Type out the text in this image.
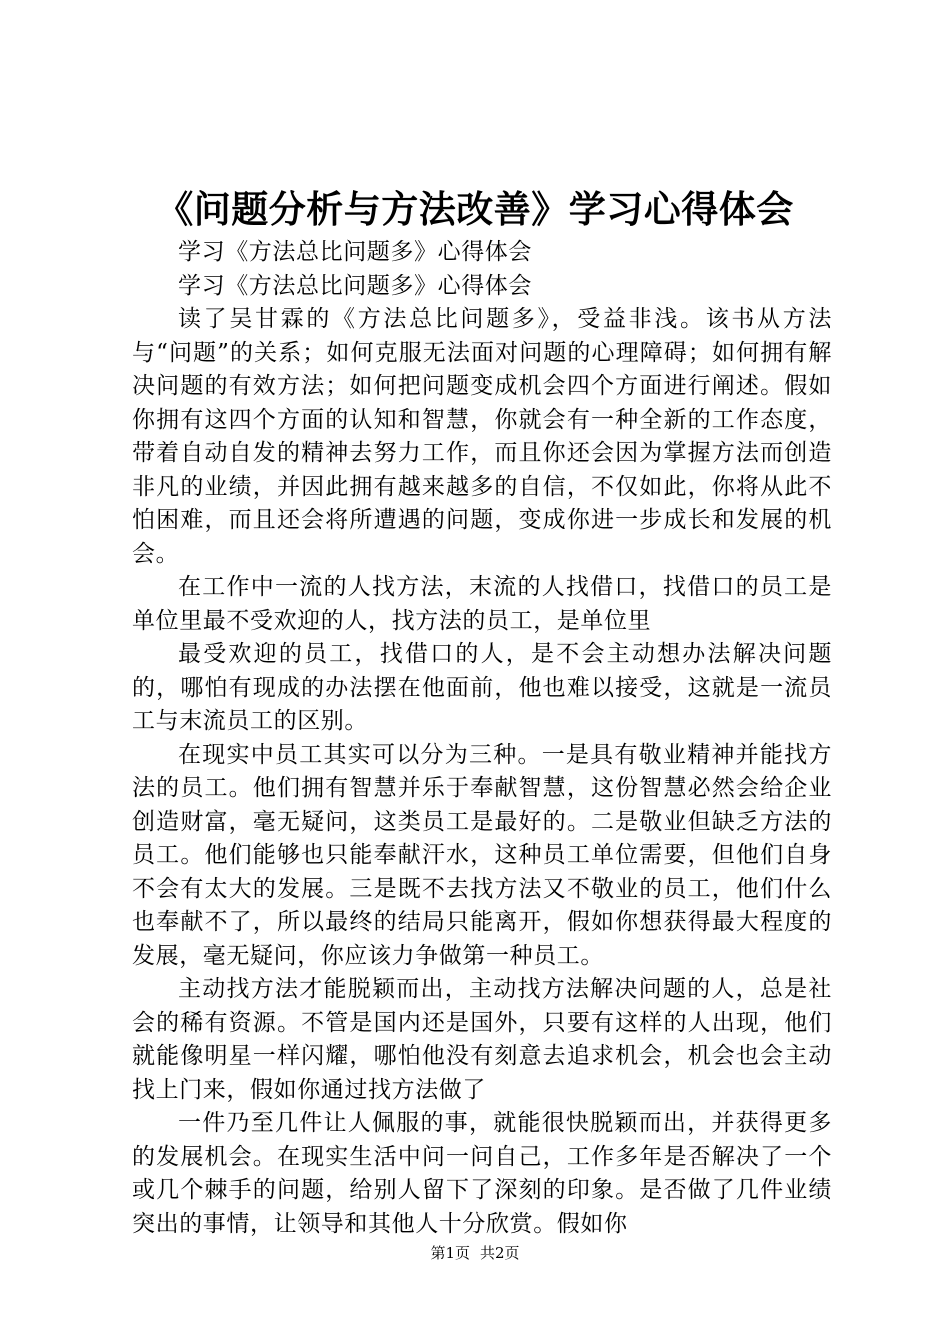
《问题分析与方法改善》学习心得体会

学习《方法总比问题多》心得体会

学习《方法总比问题多》心得体会

读了吴甘霖的《方法总比问题多》，受益非浅。该书从方法与“问题”的关系；如何克服无法面对问题的心理障碍；如何拥有解决问题的有效方法；如何把问题变成机会四个方面进行阐述。假如你拥有这四个方面的认知和智慧，你就会有一种全新的工作态度，带着自动自发的精神去努力工作，而且你还会因为掌握方法而创造非凡的业绩，并因此拥有越来越多的自信，不仅如此，你将从此不怕困难，而且还会将所遭遇的问题，变成你进一步成长和发展的机会。

在工作中一流的人找方法，末流的人找借口，找借口的员工是单位里最不受欢迎的人，找方法的员工，是单位里

最受欢迎的员工，找借口的人，是不会主动想办法解决问题的，哪怕有现成的办法摆在他面前，他也难以接受，这就是一流员工与末流员工的区别。

在现实中员工其实可以分为三种。一是具有敬业精神并能找方法的员工。他们拥有智慧并乐于奉献智慧，这份智慧必然会给企业创造财富，毫无疑问，这类员工是最好的。二是敬业但缺乏方法的员工。他们能够也只能奉献汗水，这种员工单位需要，但他们自身不会有太大的发展。三是既不去找方法又不敬业的员工，他们什么也奉献不了，所以最终的结局只能离开，假如你想获得最大程度的发展，毫无疑问，你应该力争做第一种员工。

主动找方法才能脱颖而出，主动找方法解决问题的人，总是社会的稀有资源。不管是国内还是国外，只要有这样的人出现，他们就能像明星一样闪耀，哪怕他没有刻意去追求机会，机会也会主动找上门来，假如你通过找方法做了

一件乃至几件让人佩服的事，就能很快脱颖而出，并获得更多的发展机会。在现实生活中问一问自己，工作多年是否解决了一个或几个棘手的问题，给别人留下了深刻的印象。是否做了几件业绩突出的事情，让领导和其他人十分欣赏。假如你

第1页 共2页
